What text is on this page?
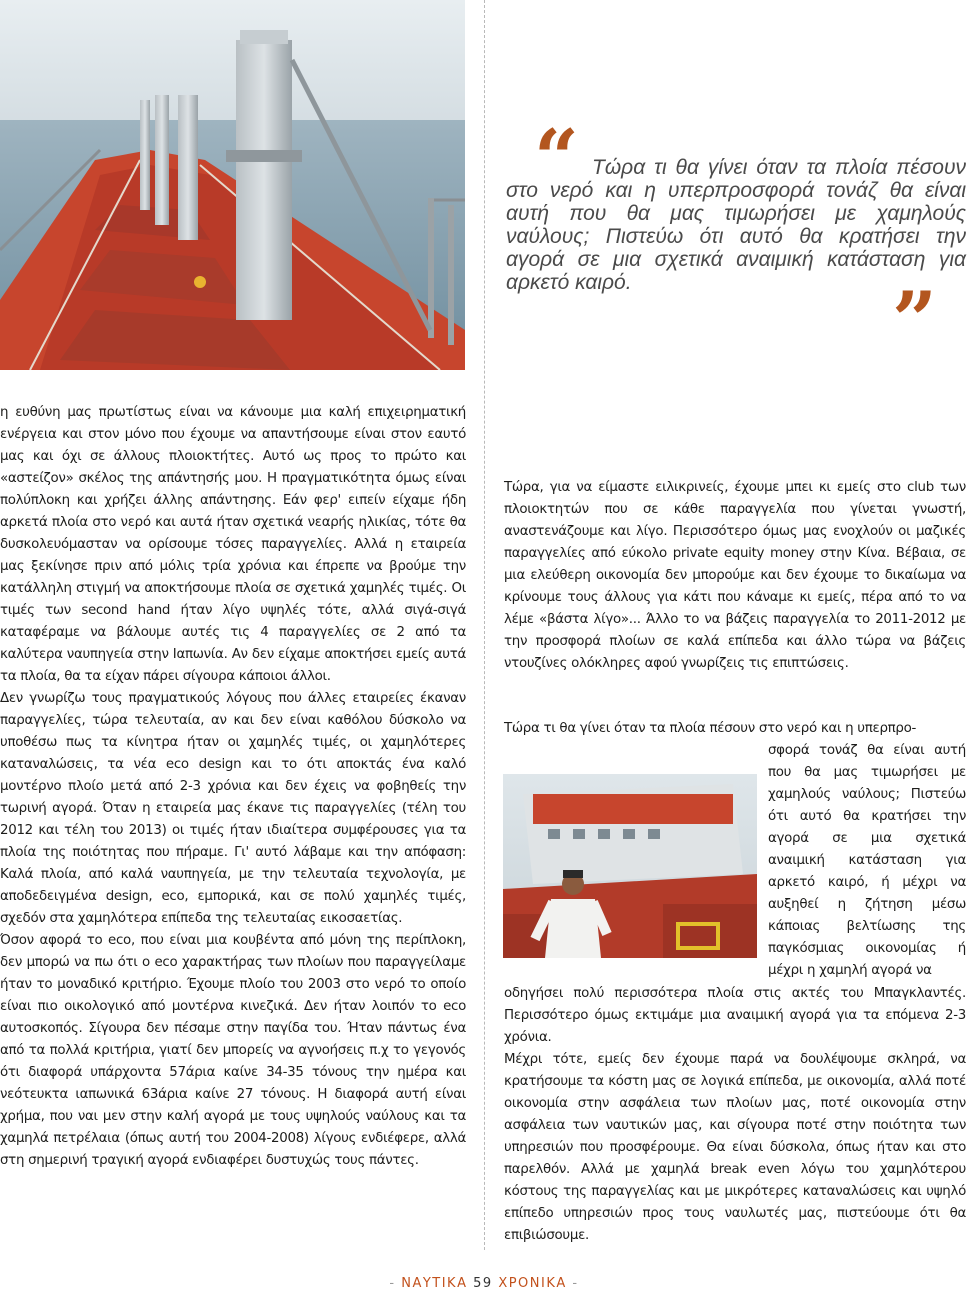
“ Τώρα τι θα γίνει όταν τα πλοία πέσουν στο νερό και η υπερπροσφορά τονάζ θα είναι αυτή που θα μας τιμωρήσει με χαμηλούς ναύλους; Πιστεύω ότι αυτό θα κρατήσει την αγορά σε μια σχετικά αναιμική κατάσταση για αρκετό καιρό.	”

η ευθύνη μας πρωτίστως είναι να κάνουμε μια καλή επιχειρηματική ενέργεια και στον μόνο που έχουμε να απαντήσουμε είναι στον εαυτό μας και όχι σε άλλους πλοιοκτήτες. Αυτό ως προς το πρώτο και «αστείζον» σκέλος της απάντησής μου. Η πραγματικότητα όμως είναι πολύπλοκη και χρήζει άλλης απάντησης. Εάν φερ' ειπείν είχαμε ήδη αρκετά πλοία στο νερό και αυτά ήταν σχετικά νεαρής ηλικίας, τότε θα δυσκολευόμασταν να ορίσουμε τόσες παραγγελίες. Αλλά η εταιρεία μας ξεκίνησε πριν από μόλις τρία χρόνια και έπρεπε να βρούμε την κατάλληλη στιγμή να αποκτήσουμε πλοία σε σχετικά χαμηλές τιμές. Οι τιμές των second hand ήταν λίγο υψηλές τότε, αλλά σιγά-σιγά καταφέραμε να βάλουμε αυτές τις 4 παραγγελίες σε 2 από τα καλύτερα ναυπηγεία στην Ιαπωνία. Αν δεν είχαμε αποκτήσει εμείς αυτά τα πλοία, θα τα είχαν πάρει σίγουρα κάποιοι άλλοι.

Δεν γνωρίζω τους πραγματικούς λόγους που άλλες εταιρείες έκαναν παραγγελίες, τώρα τελευταία, αν και δεν είναι καθόλου δύσκολο να υποθέσω πως τα κίνητρα ήταν οι χαμηλές τιμές, οι χαμηλότερες καταναλώσεις, τα νέα eco design και το ότι αποκτάς ένα καλό μοντέρνο πλοίο μετά από 2-3 χρόνια και δεν έχεις να φοβηθείς την τωρινή αγορά. Όταν η εταιρεία μας έκανε τις παραγγελίες (τέλη του 2012 και τέλη του 2013) οι τιμές ήταν ιδιαίτερα συμφέρουσες για τα πλοία της ποιότητας που πήραμε. Γι' αυτό λάβαμε και την απόφαση: Καλά πλοία, από καλά ναυπηγεία, με την τελευταία τεχνολογία, με αποδεδειγμένα design, eco, εμπορικά, και σε πολύ χαμηλές τιμές, σχεδόν στα χαμηλότερα επίπεδα της τελευταίας εικοσαετίας.

Όσον αφορά το eco, που είναι μια κουβέντα από μόνη της περίπλοκη, δεν μπορώ να πω ότι ο eco χαρακτήρας των πλοίων που παραγγείλαμε ήταν το μοναδικό κριτήριο. Έχουμε πλοίο του 2003 στο νερό το οποίο είναι πιο οικολογικό από μοντέρνα κινεζικά. Δεν ήταν λοιπόν το eco αυτοσκοπός. Σίγουρα δεν πέσαμε στην παγίδα του. Ήταν πάντως ένα από τα πολλά κριτήρια, γιατί δεν μπορείς να αγνοήσεις π.χ το γεγονός ότι διαφορά υπάρχοντα 57άρια καίνε 34-35 τόνους την ημέρα και νεότευκτα ιαπωνικά 63άρια καίνε 27 τόνους. Η διαφορά αυτή είναι χρήμα, που ναι μεν στην καλή αγορά με τους υψηλούς ναύλους και τα χαμηλά πετρέλαια (όπως αυτή του 2004-2008) λίγους ενδιέφερε, αλλά στη σημερινή τραγική αγορά ενδιαφέρει δυστυχώς τους πάντες.

Τώρα, για να είμαστε ειλικρινείς, έχουμε μπει κι εμείς στο club των πλοιοκτητών που σε κάθε παραγγελία που γίνεται γνωστή, αναστενάζουμε και λίγο. Περισσότερο όμως μας ενοχλούν οι μαζικές παραγγελίες από εύκολο private equity money στην Κίνα. Βέβαια, σε μια ελεύθερη οικονομία δεν μπορούμε και δεν έχουμε το δικαίωμα να κρίνουμε τους άλλους για κάτι που κάναμε κι εμείς, πέρα από το να λέμε «βάστα λίγο»... Άλλο το να βάζεις παραγγελία το 2011-2012 με την προσφορά πλοίων σε καλά επίπεδα και άλλο τώρα να βάζεις ντουζίνες ολόκληρες αφού γνωρίζεις τις επιπτώσεις.

Τώρα τι θα γίνει όταν τα πλοία πέσουν στο νερό και η υπερπρο-

σφορά τονάζ θα είναι αυτή που θα μας τιμωρήσει με χαμηλούς ναύλους; Πιστεύω ότι αυτό θα κρατήσει την αγορά σε μια σχετικά αναιμική κατάσταση για αρκετό καιρό, ή μέχρι να αυξηθεί η ζήτηση μέσω κάποιας βελτίωσης της παγκόσμιας οικονομίας ή μέχρι η χαμηλή αγορά να

οδηγήσει πολύ περισσότερα πλοία στις ακτές του Μπαγκλαντές. Περισσότερο όμως εκτιμάμε μια αναιμική αγορά για τα επόμενα 2-3 χρόνια.

Μέχρι τότε, εμείς δεν έχουμε παρά να δουλέψουμε σκληρά, να κρατήσουμε τα κόστη μας σε λογικά επίπεδα, με οικονομία, αλλά ποτέ οικονομία στην ασφάλεια των πλοίων μας, ποτέ οικονομία στην ασφάλεια των ναυτικών μας, και σίγουρα ποτέ στην ποιότητα των υπηρεσιών που προσφέρουμε. Θα είναι δύσκολα, όπως ήταν και στο παρελθόν. Αλλά με χαμηλά break even λόγω του χαμηλότερου κόστους της παραγγελίας και με μικρότερες καταναλώσεις και υψηλό επίπεδο υπηρεσιών προς τους ναυλωτές μας, πιστεύουμε ότι θα επιβιώσουμε.

- ΝΑΥΤΙΚΑ 59 ΧΡΟΝΙΚΑ -
